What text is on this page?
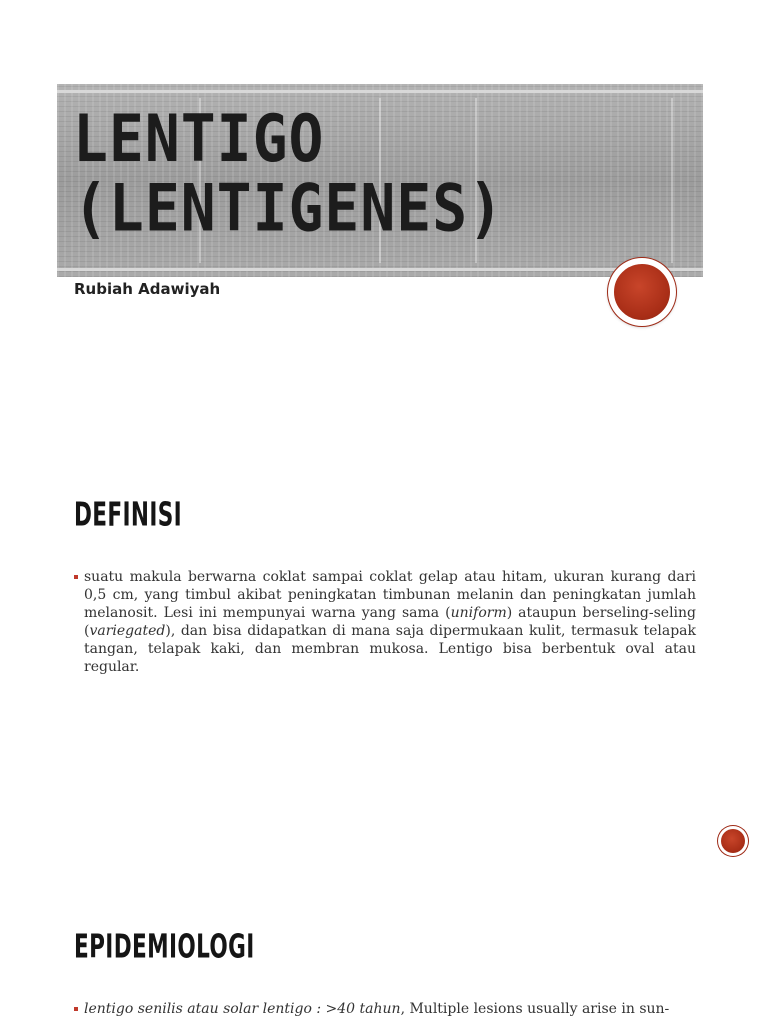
LENTIGO
(LENTIGENES)
Rubiah Adawiyah
DEFINISI
suatu makula berwarna coklat sampai coklat gelap atau hitam, ukuran kurang dari 0,5 cm, yang timbul akibat peningkatan timbunan melanin dan peningkatan jumlah melanosit. Lesi ini mempunyai warna yang sama (uniform) ataupun berseling-seling (variegated), dan bisa didapatkan di mana saja dipermukaan kulit, termasuk telapak tangan, telapak kaki, dan membran mukosa. Lentigo bisa berbentuk oval atau regular.
EPIDEMIOLOGI
lentigo senilis atau solar lentigo : >40 tahun, Multiple lesions usually arise in sun-
